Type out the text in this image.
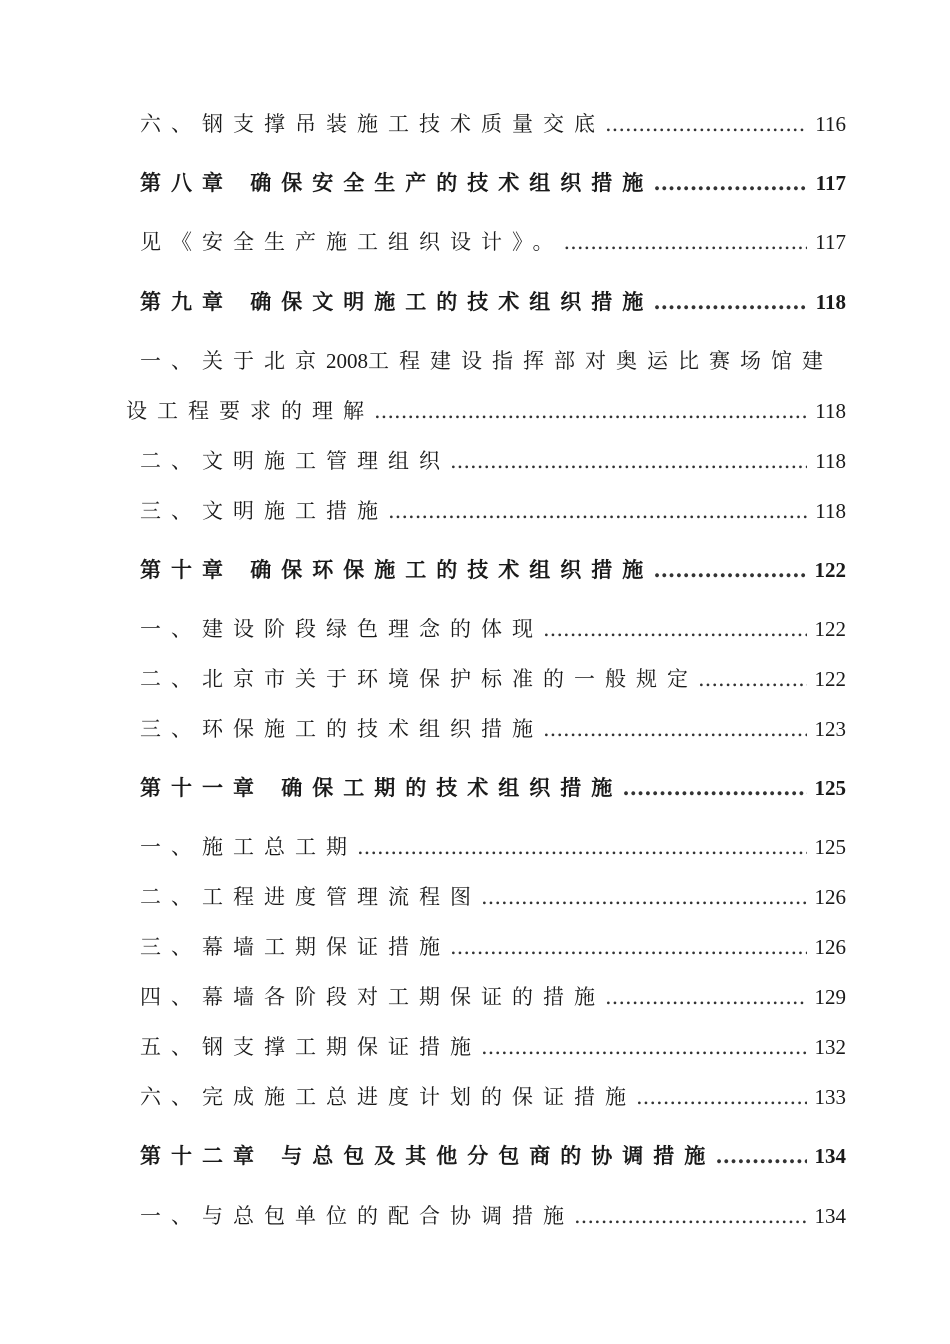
六、钢支撑吊装施工技术质量交底 .....	116
第八章 确保安全生产的技术组织措施 .....	117
见《安全生产施工组织设计》。 .....	117
第九章 确保文明施工的技术组织措施 .....	118
一、关于北京2008工程建设指挥部对奥运比赛场馆建
设工程要求的理解 .....	118
二、文明施工管理组织 .....	118
三、文明施工措施 .....	118
第十章 确保环保施工的技术组织措施 .....	122
一、建设阶段绿色理念的体现 .....	122
二、北京市关于环境保护标准的一般规定 .....	122
三、环保施工的技术组织措施 .....	123
第十一章 确保工期的技术组织措施 .....	125
一、施工总工期 .....	125
二、工程进度管理流程图 .....	126
三、幕墙工期保证措施 .....	126
四、幕墙各阶段对工期保证的措施 .....	129
五、钢支撑工期保证措施 .....	132
六、完成施工总进度计划的保证措施 .....	133
第十二章 与总包及其他分包商的协调措施 .....	134
一、与总包单位的配合协调措施 .....	134
